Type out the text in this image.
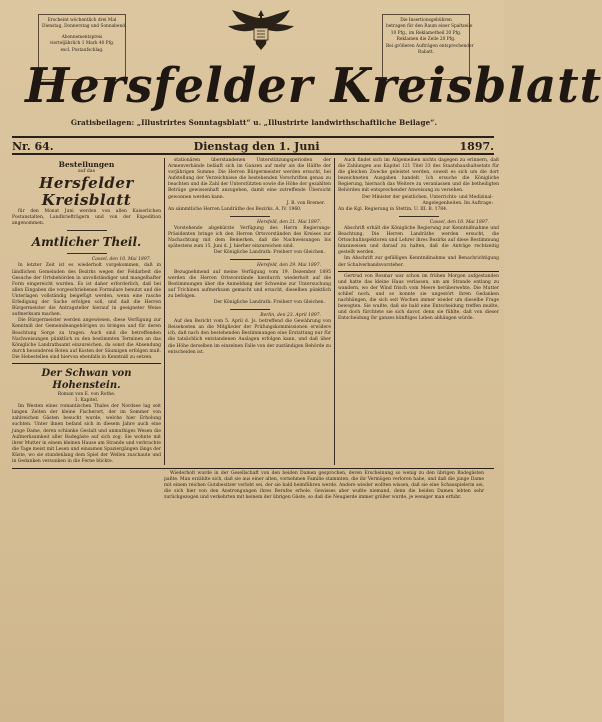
Erscheint wöchentlich drei Mal
Dienstag, Donnerstag und Sonnabend.
Abonnementspreis
vierteljährlich 1 Mark 40 Pfg.
excl. Postaufschlag.
Die Insertionsgebühren
betragen für den Raum einer Spaltzeile
10 Pfg., im Reklametheil 20 Pfg.
Reklamen die Zeile 20 Pfg.
Bei größeren Aufträgen entsprechender
Rabatt.
Hersfelder Kreisblatt
Gratisbeilagen: „Illustrirtes Sonntagsblatt“ u. „Illustrirte landwirthschaftliche Beilage“.
Nr. 64.	Dienstag den 1. Juni	1897.
Bestellungen
auf das
Hersfelder Kreisblatt

für den Monat Juni werden von allen Kaiserlichen Postanstalten, Landbriefträgern und von der Expedition angenommen.

Amtlicher Theil.
Cassel, den 10. Mai 1897.

In letzter Zeit ist es wiederholt vorgekommen, daß in ländlichen Gemeinden des Bezirks wegen der Feldarbeit die Gesuche der Ortsbehörden in unvollständiger und mangelhafter Form eingereicht wurden. Es ist daher erforderlich, daß bei allen Eingaben die vorgeschriebenen Formulare benutzt und die Unterlagen vollständig beigefügt werden, wenn eine rasche Erledigung der Sache erfolgen soll, und daß die Herren Bürgermeister die Antragsteller hierauf in geeigneter Weise aufmerksam machen.

Die Bürgermeister werden angewiesen, diese Verfügung zur Kenntniß der Gemeindeangehörigen zu bringen und für deren Beachtung Sorge zu tragen. Auch sind die betreffenden Nachweisungen pünktlich zu den bestimmten Terminen an das Königliche Landrathsamt einzureichen, da sonst die Absendung durch besonderen Boten auf Kosten der Säumigen erfolgen muß. Die Hebestellen sind hiervon ebenfalls in Kenntniß zu setzen.

Der Schwan von Hohenstein.
Roman von E. von Rothe.
1. Kapitel.

Im Westen eines romantischen Thales der Nordsee lag seit langen Zeiten der kleine Fischerort, der im Sommer von zahlreichen Gästen besucht wurde, welche hier Erholung suchten. Unter ihnen befand sich in diesem Jahre auch eine junge Dame, deren schlanke Gestalt und anmuthiges Wesen die Aufmerksamkeit aller Badegäste auf sich zog. Sie wohnte mit ihrer Mutter in einem kleinen Hause am Strande und verbrachte die Tage meist mit Lesen und einsamen Spaziergängen längs der Küste, wo sie stundenlang dem Spiel der Wellen zuschaute und in Gedanken versunken in die Ferne blickte.

stationären überstandenen Unterstützungsperioden der Armenverbände beläuft sich im Ganzen auf mehr als die Hälfte der vorjährigen Summe. Die Herren Bürgermeister werden ersucht, bei Aufstellung der Verzeichnisse die bestehenden Vorschriften genau zu beachten und die Zahl der Unterstützten sowie die Höhe der gezahlten Beträge gewissenhaft anzugeben, damit eine zutreffende Übersicht gewonnen werden kann.

J. B. von Bremer.
An sämmtliche Herren Landräthe des Bezirks. A. IV. 1960.
Hersfeld, den 21. Mai 1897.

Vorstehende abgekürzte Verfügung des Herrn Regierungs-Präsidenten bringe ich den Herren Ortsvorständen des Kreises zur Nachachtung mit dem Bemerken, daß die Nachweisungen bis spätestens zum 15. Juni d. J. hierher einzureichen sind.

Der Königliche Landrath: Freiherr von Gleichen.
Hersfeld, den 29. Mai 1897.

Bezugnehmend auf meine Verfügung vom 19. Dezember 1895 werden die Herren Ortsvorstände hierdurch wiederholt auf die Bestimmungen über die Anmeldung der Schweine zur Untersuchung auf Trichinen aufmerksam gemacht und ersucht, dieselben pünktlich zu befolgen.

Der Königliche Landrath: Freiherr von Gleichen.
Berlin, den 23. April 1897.

Auf den Bericht vom 5. April d. Js. betreffend die Gewährung von Reisekosten an die Mitglieder der Prüfungskommissionen erwidere ich, daß nach den bestehenden Bestimmungen eine Erstattung nur für die tatsächlich entstandenen Auslagen erfolgen kann, und daß über die Höhe derselben im einzelnen Falle von der zuständigen Behörde zu entscheiden ist.

Auch findet sich im Allgemeinen nichts dagegen zu erinnern, daß die Zahlungen aus Kapitel 121 Titel 33 des Staatshaushaltsetats für die gleichen Zwecke geleistet werden, soweit es sich um die dort bezeichneten Ausgaben handelt. Ich ersuche die Königliche Regierung, hiernach das Weitere zu veranlassen und die betheiligten Behörden mit entsprechender Anweisung zu versehen.

Der Minister der geistlichen, Unterrichts- und Medizinal-Angelegenheiten. Im Auftrage:
An die Kgl. Regierung in Stettin. U. III. B. 1784.
Cassel, den 10. Mai 1897.

Abschrift erhält die Königliche Regierung zur Kenntnißnahme und Beachtung. Die Herren Landräthe werden ersucht, die Ortsschulinspektoren und Lehrer ihres Bezirks auf diese Bestimmung hinzuweisen und darauf zu halten, daß die Anträge rechtzeitig gestellt werden.

Im Abschrift zur gefälligen Kenntnißnahme und Benachrichtigung der Schulverbandsvorsteher.

Gertrud von Rosmar war schon im frühen Morgen aufgestanden und hatte das kleine Haus verlassen, um am Strande entlang zu wandern, wo der Wind frisch vom Meere herüberwehte. Die Mutter schlief noch, und so konnte sie ungestört ihren Gedanken nachhängen, die sich seit Wochen immer wieder um dieselbe Frage bewegten. Sie wußte, daß sie bald eine Entscheidung treffen mußte, und doch fürchtete sie sich davor, denn sie fühlte, daß von dieser Entscheidung ihr ganzes künftiges Leben abhängen würde.

Wiederholt wurde in der Gesellschaft von den beiden Damen gesprochen, deren Erscheinung so wenig zu den übrigen Badegästen paßte. Man erzählte sich, daß sie aus einer alten, vornehmen Familie stammten, die ihr Vermögen verloren habe, und daß die junge Dame mit einem reichen Gutsbesitzer verlobt sei, der sie bald heimführen werde. Andere wieder wollten wissen, daß sie eine Schauspielerin sei, die sich hier von den Anstrengungen ihres Berufes erhole. Gewisses aber wußte niemand, denn die beiden Damen lebten sehr zurückgezogen und verkehrten mit keinem der übrigen Gäste, so daß die Neugierde immer größer wurde, je weniger man erfuhr.
